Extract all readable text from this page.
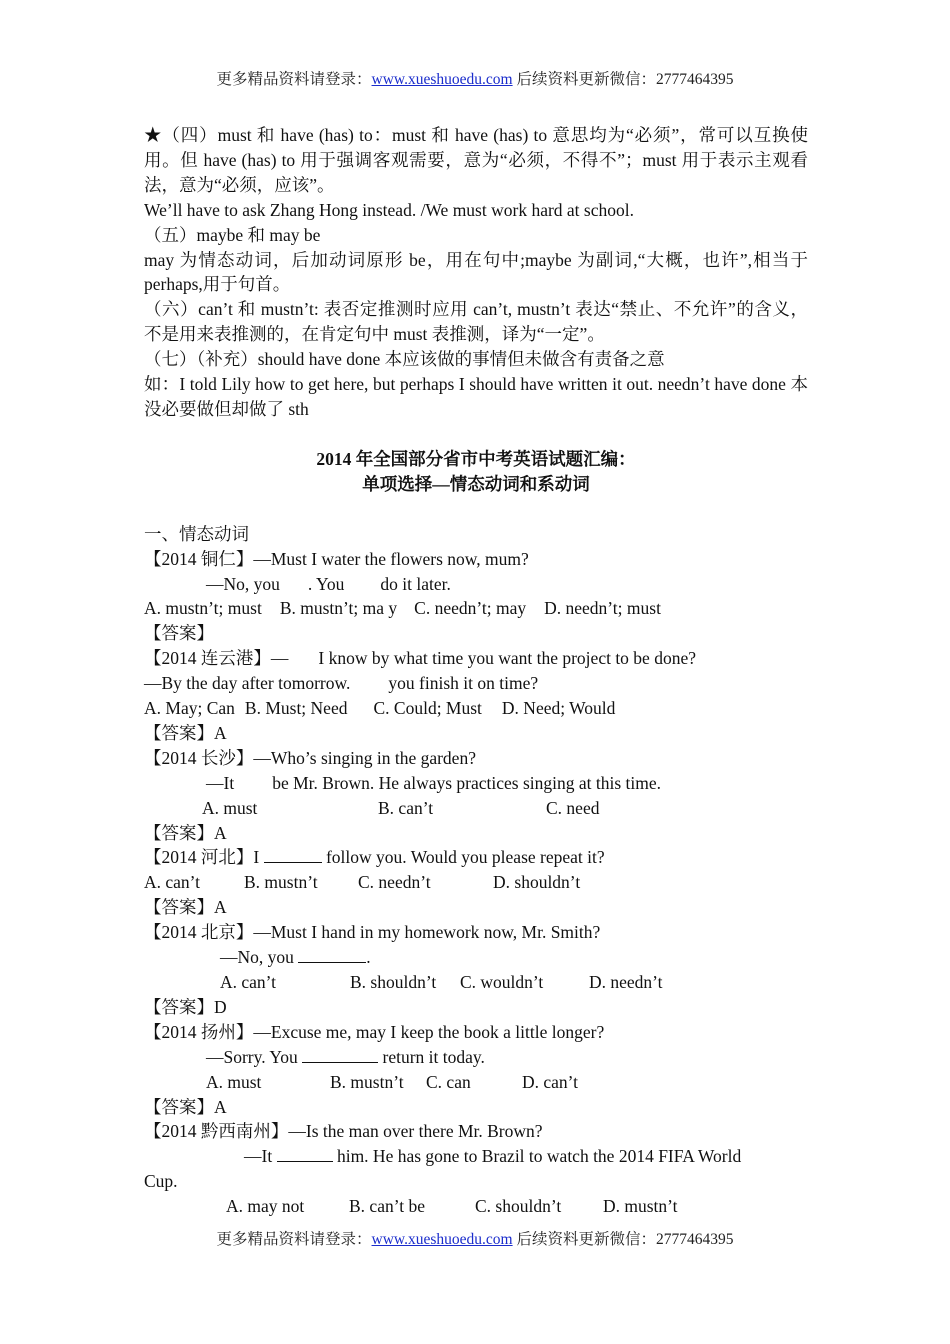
更多精品资料请登录：www.xueshuoedu.com 后续资料更新微信：2777464395

★（四）must 和 have (has) to：must 和 have (has) to 意思均为“必须”，常可以互换使用。但 have (has) to 用于强调客观需要，意为“必须，不得不”；must 用于表示主观看法，意为“必须，应该”。

We’ll have to ask Zhang Hong instead. /We must work hard at school.

（五）maybe 和 may be

may 为情态动词，后加动词原形 be，用在句中;maybe 为副词,“大概，也许”,相当于 perhaps,用于句首。

（六）can’t 和 mustn’t: 表否定推测时应用 can’t, mustn’t 表达“禁止、不允许”的含义，不是用来表推测的，在肯定句中 must 表推测，译为“一定”。

（七）（补充）should have done 本应该做的事情但未做含有责备之意

如：I told Lily how to get here, but perhaps I should have written it out. needn’t have done 本没必要做但却做了 sth

2014 年全国部分省市中考英语试题汇编：

单项选择—情态动词和系动词

一、情态动词

【2014 铜仁】—Must I water the flowers now, mum?

—No, you . You do it later.

A. mustn’t; must B. mustn’t; ma y C. needn’t; may D. needn’t; must

【答案】

【2014 连云港】— I know by what time you want the project to be done?

—By the day after tomorrow. you finish it on time?

A. May; Can B. Must; Need C. Could; Must D. Need; Would

【答案】A

【2014 长沙】—Who’s singing in the garden?

—It be Mr. Brown. He always practices singing at this time.

A. must	B. can’t	C. need

【答案】A

【2014 河北】I	follow you. Would you please repeat it?

A. can’t	B. mustn’t C. needn’t	D. shouldn’t

【答案】A

【2014 北京】—Must I hand in my homework now, Mr. Smith?

—No, you	.

A. can’t	B. shouldn’t C. wouldn’t	D. needn’t

【答案】D

【2014 扬州】—Excuse me, may I keep the book a little longer?

—Sorry. You	return it today.

A. must	B. mustn’t C. can	D. can’t

【答案】A

【2014 黔西南州】—Is the man over there Mr. Brown?

—It	him. He has gone to Brazil to watch the 2014 FIFA World

Cup.

A. may not	B. can’t be	C. shouldn’t D. mustn’t

更多精品资料请登录：www.xueshuoedu.com 后续资料更新微信：2777464395
